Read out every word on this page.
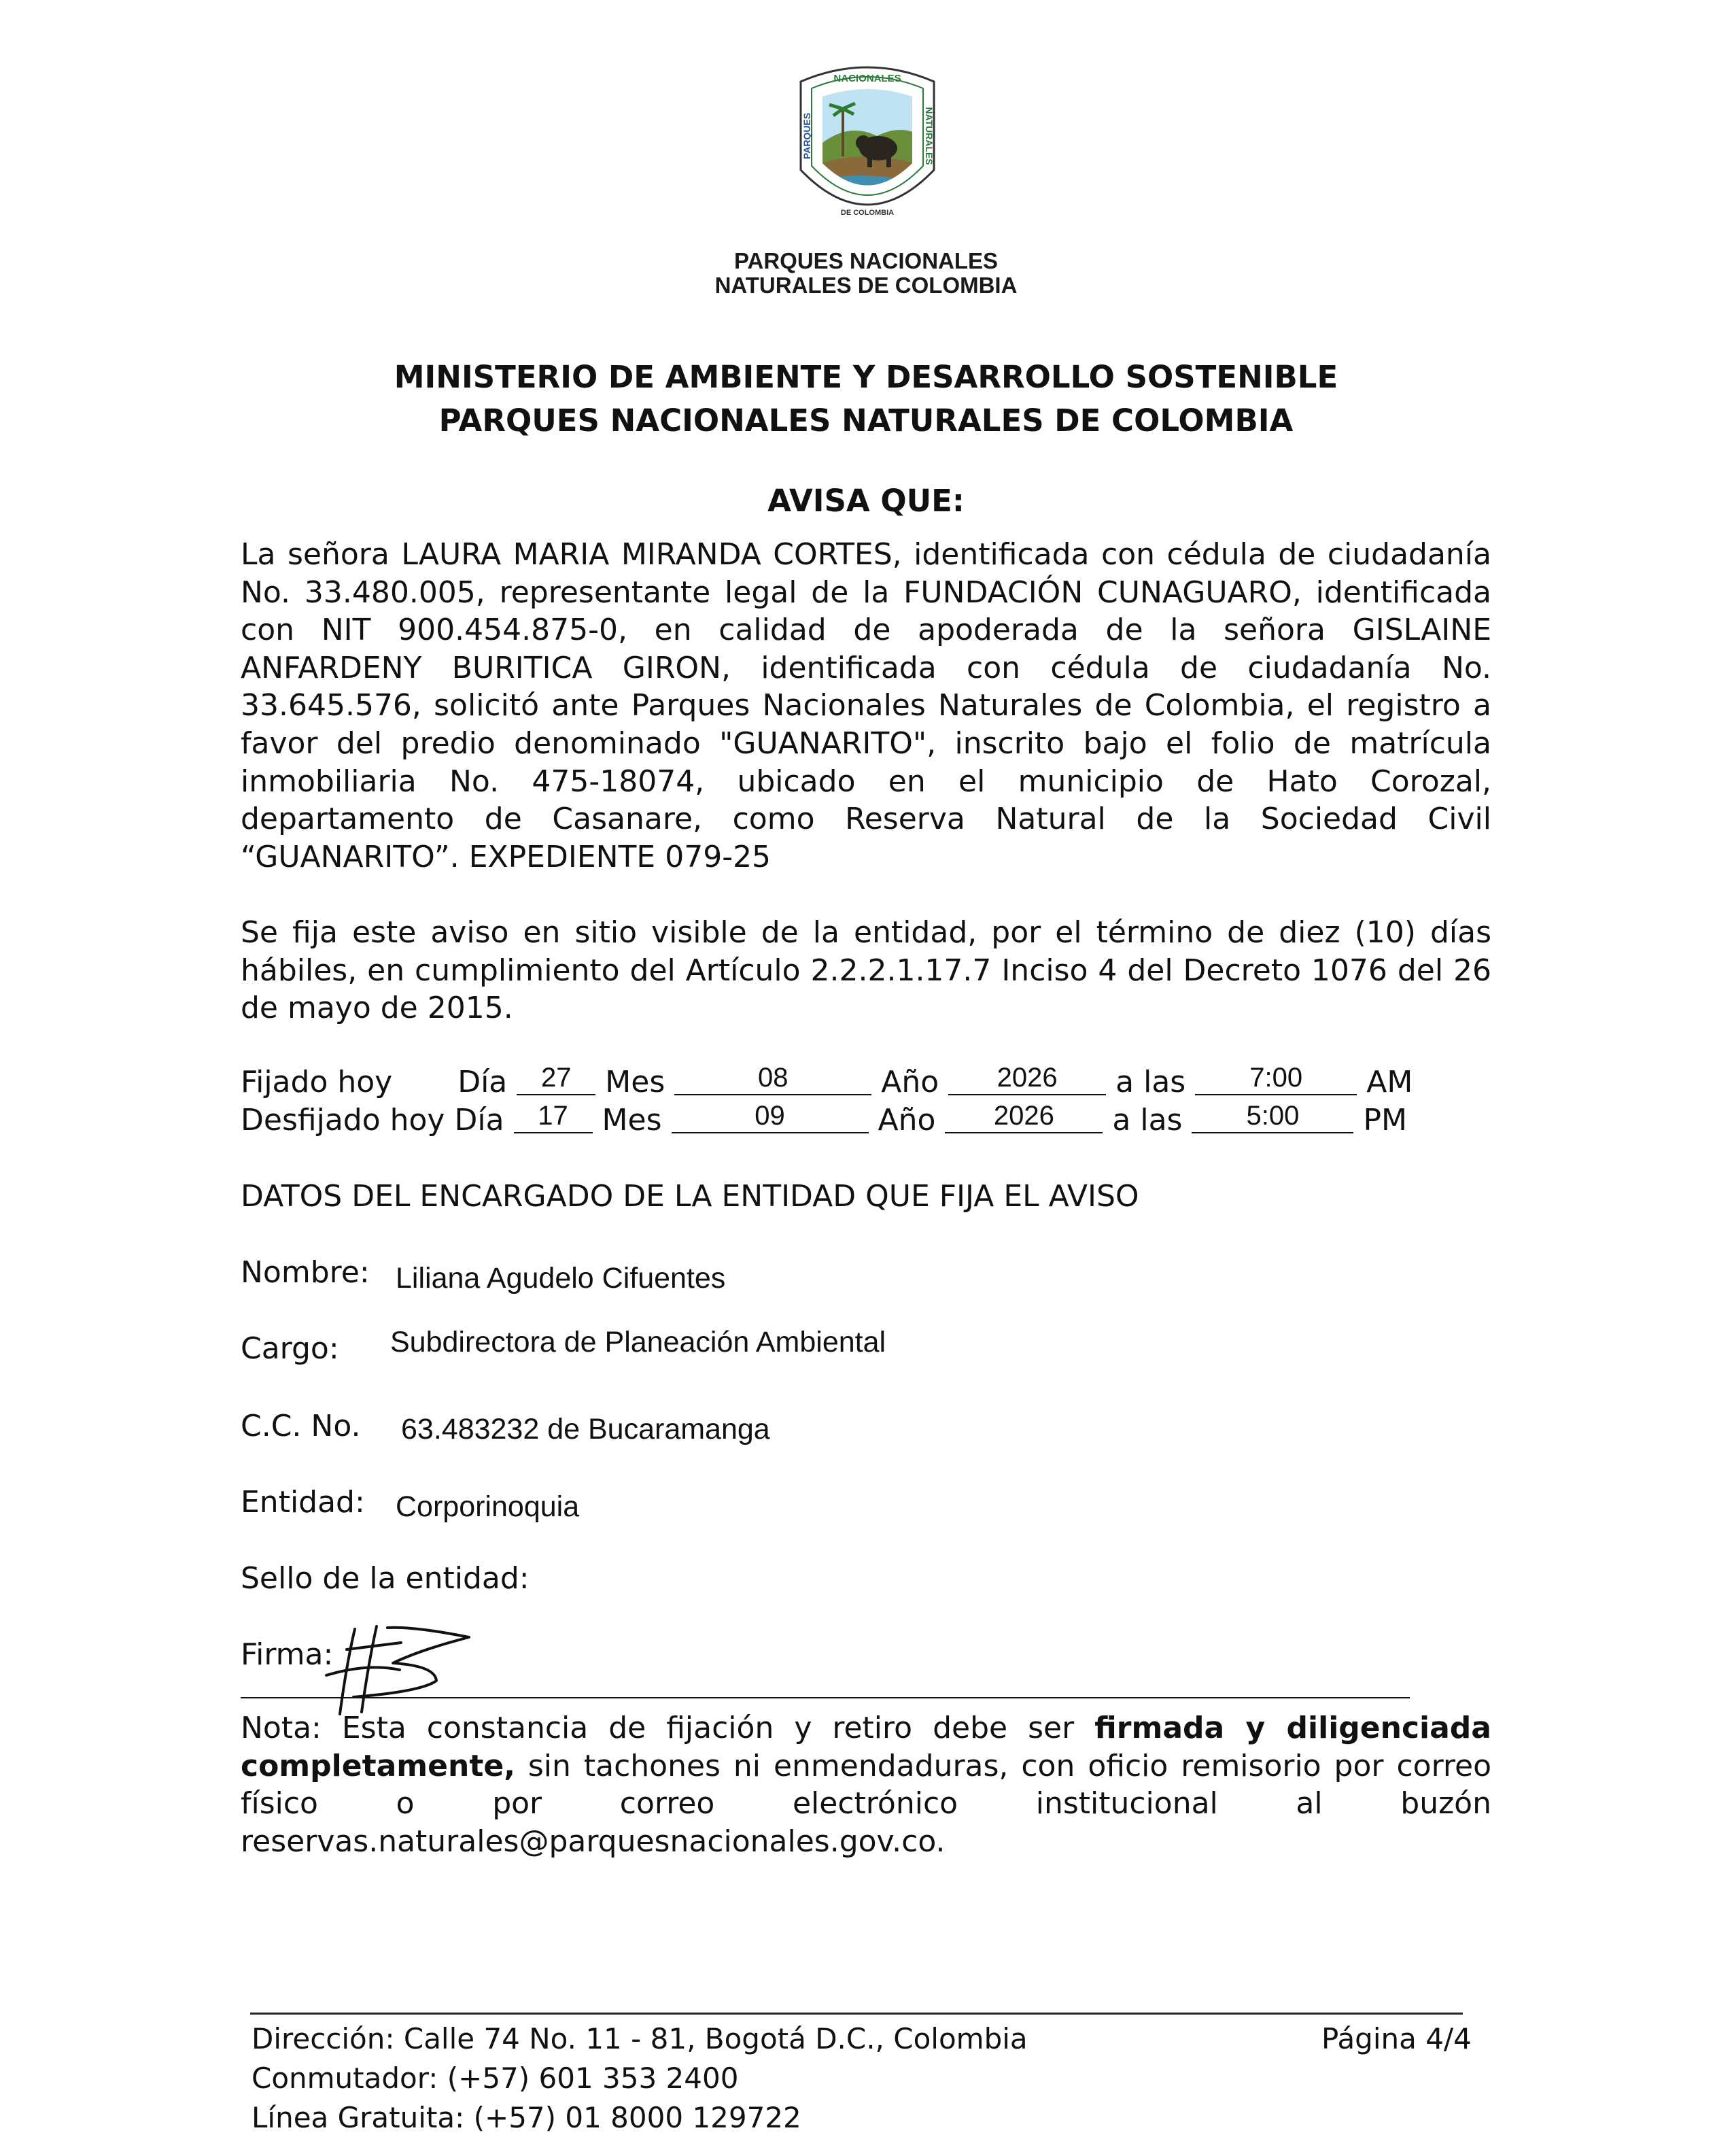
NACIONALES
PARQUES	NATURALES
DE COLOMBIA
PARQUES NACIONALES
NATURALES DE COLOMBIA
MINISTERIO DE AMBIENTE Y DESARROLLO SOSTENIBLE
PARQUES NACIONALES NATURALES DE COLOMBIA
AVISA QUE:
La señora LAURA MARIA MIRANDA CORTES, identificada con cédula de ciudadanía No. 33.480.005, representante legal de la FUNDACIÓN CUNAGUARO, identificada con NIT 900.454.875-0, en calidad de apoderada de la señora GISLAINE ANFARDENY BURITICA GIRON, identificada con cédula de ciudadanía No. 33.645.576, solicitó ante Parques Nacionales Naturales de Colombia, el registro a favor del predio denominado "GUANARITO", inscrito bajo el folio de matrícula inmobiliaria No. 475-18074, ubicado en el municipio de Hato Corozal, departamento de Casanare, como Reserva Natural de la Sociedad Civil “GUANARITO”. EXPEDIENTE 079-25
Se fija este aviso en sitio visible de la entidad, por el término de diez (10) días hábiles, en cumplimiento del Artículo 2.2.2.1.17.7 Inciso 4 del Decreto 1076 del 26 de mayo de 2015.
Fijado hoy Día 27 Mes	08	Año 2026 a las 7:00 AM
Desfijado hoy Día 17 Mes	09	Año 2026 a las 5:00 PM
DATOS DEL ENCARGADO DE LA ENTIDAD QUE FIJA EL AVISO
Nombre: Liliana Agudelo Cifuentes
Cargo: Subdirectora de Planeación Ambiental
C.C. No. 63.483232 de Bucaramanga
Entidad: Corporinoquia
Sello de la entidad:
Firma:
Nota: Esta constancia de fijación y retiro debe ser firmada y diligenciada completamente, sin tachones ni enmendaduras, con oficio remisorio por correo físico o por correo electrónico institucional al buzón reservas.naturales@parquesnacionales.gov.co.
Dirección: Calle 74 No. 11 - 81, Bogotá D.C., Colombia	Página 4/4
Conmutador: (+57) 601 353 2400
Línea Gratuita: (+57) 01 8000 129722
